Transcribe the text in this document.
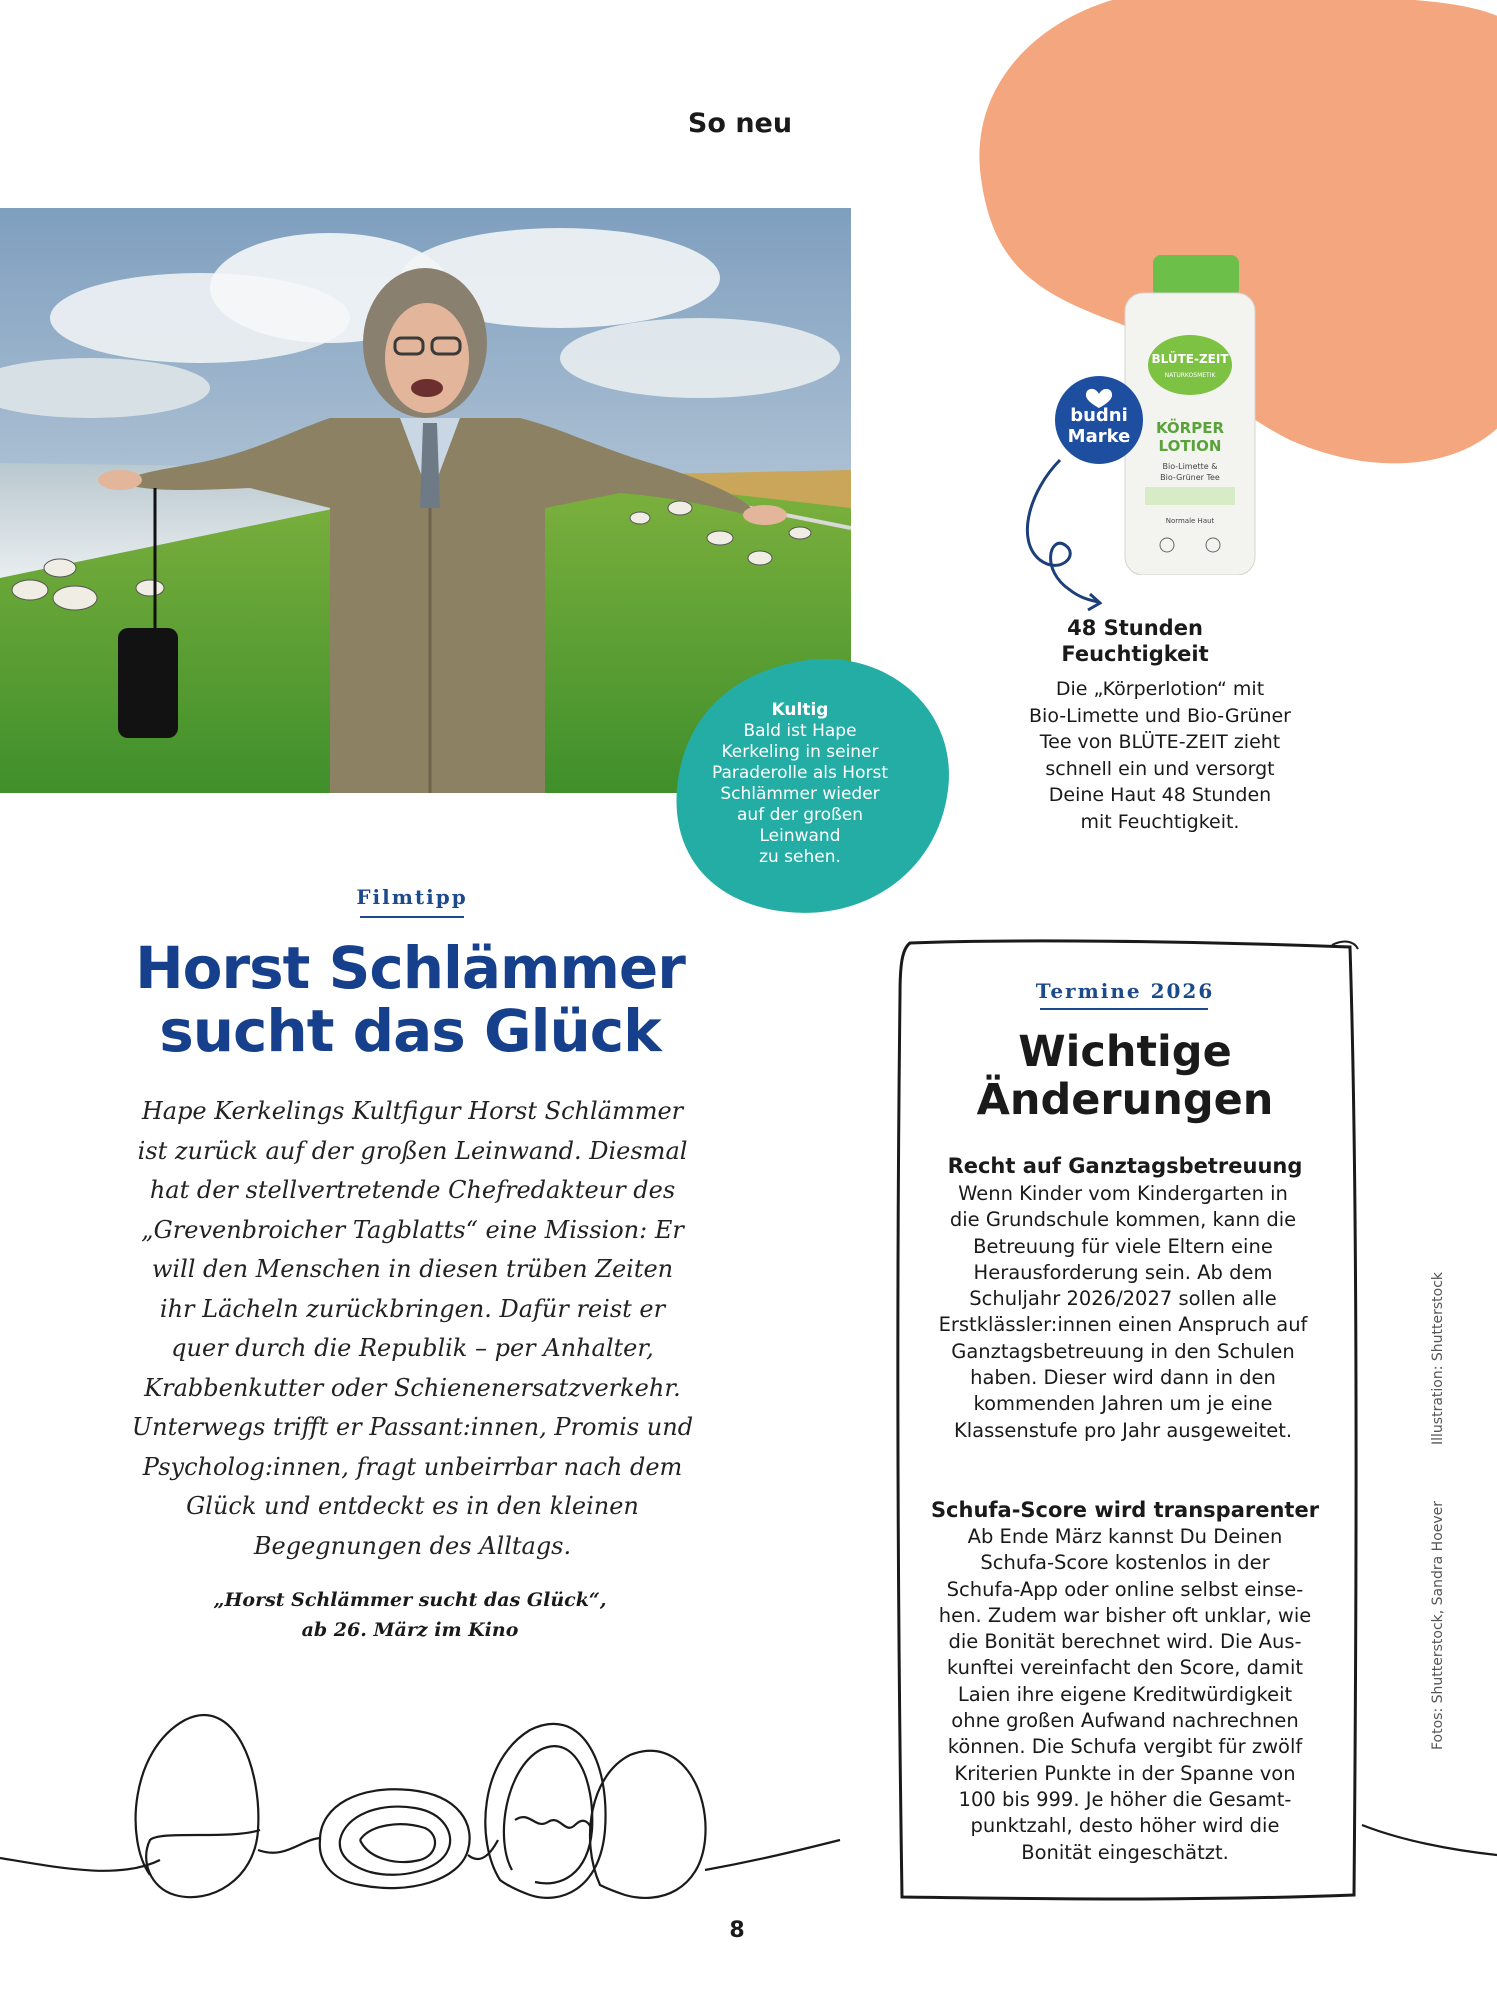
So neu
Kultig
Bald ist Hape
Kerkeling in seiner
Paraderolle als Horst
Schlämmer wieder
auf der großen
Leinwand
zu sehen.
BLÜTE-ZEIT
NATURKOSMETIK
KÖRPER
LOTION
Bio-Limette &
Bio-Grüner Tee
Normale Haut
budni
Marke
48 Stunden
Feuchtigkeit
Die „Körperlotion“ mit
Bio-Limette und Bio-Grüner
Tee von BLÜTE-ZEIT zieht
schnell ein und versorgt
Deine Haut 48 Stunden
mit Feuchtigkeit.
Filmtipp
Horst Schlämmer
sucht das Glück
Hape Kerkelings Kultfigur Horst Schlämmer
ist zurück auf der großen Leinwand. Diesmal
hat der stellvertretende Chefredakteur des
„Grevenbroicher Tagblatts“ eine Mission: Er
will den Menschen in diesen trüben Zeiten
ihr Lächeln zurückbringen. Dafür reist er
quer durch die Republik – per Anhalter,
Krabbenkutter oder Schienenersatzverkehr.
Unterwegs trifft er Passant:innen, Promis und
Psycholog:innen, fragt unbeirrbar nach dem
Glück und entdeckt es in den kleinen
Begegnungen des Alltags.
„Horst Schlämmer sucht das Glück“,
ab 26. März im Kino
Termine 2026
Wichtige
Änderungen
Recht auf Ganztagsbetreuung
Wenn Kinder vom Kindergarten in
die Grundschule kommen, kann die
Betreuung für viele Eltern eine
Herausforderung sein. Ab dem
Schuljahr 2026/2027 sollen alle
Erstklässler:innen einen Anspruch auf
Ganztagsbetreuung in den Schulen
haben. Dieser wird dann in den
kommenden Jahren um je eine
Klassenstufe pro Jahr ausgeweitet.
Schufa-Score wird transparenter
Ab Ende März kannst Du Deinen
Schufa-Score kostenlos in der
Schufa-App oder online selbst einse-
hen. Zudem war bisher oft unklar, wie
die Bonität berechnet wird. Die Aus-
kunftei vereinfacht den Score, damit
Laien ihre eigene Kreditwürdigkeit
ohne großen Aufwand nachrechnen
können. Die Schufa vergibt für zwölf
Kriterien Punkte in der Spanne von
100 bis 999. Je höher die Gesamt-
punktzahl, desto höher wird die
Bonität eingeschätzt.
8
Illustration: Shutterstock
Fotos: Shutterstock, Sandra Hoever
